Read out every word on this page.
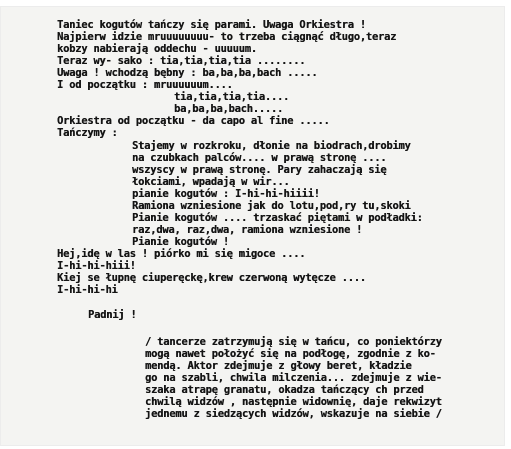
Taniec kogutów tańczy się parami. Uwaga Orkiestra !
Najpierw idzie mruuuuuuuu- to trzeba ciągnąć długo,teraz
kobzy nabierają oddechu - uuuuum.
Teraz wy- sako : tia,tia,tia,tia ........
Uwaga ! wchodzą bębny : ba,ba,ba,bach .....
I od początku : mruuuuuum....
tia,tia,tia,tia....
ba,ba,ba,bach.....
Orkiestra od początku - da capo al fine .....
Tańczymy :
Stajemy w rozkroku, dłonie na biodrach,drobimy
na czubkach palców.... w prawą stronę ....
wszyscy w prawą stronę. Pary zahaczają się
łokciami, wpadają w wir...
pianie kogutów : I-hi-hi-hiiii!
Ramiona wzniesione jak do lotu,pod,ry tu,skoki
Pianie kogutów .... trzaskać piętami w podładki:
raz,dwa, raz,dwa, ramiona wzniesione !
Pianie kogutów !
Hej,idę w las ! piórko mi się migoce ....
I-hi-hi-hiii!
Kiej se łupnę ciuperęckę,krew czerwoną wytęcze ....
I-hi-hi-hi
Padnij !
/ tancerze zatrzymują się w tańcu, co poniektórzy
mogą nawet położyć się na podłogę, zgodnie z ko-
mendą. Aktor zdejmuje z głowy beret, kładzie
go na szabli, chwila milczenia... zdejmuje z wie-
szaka atrapę granatu, okadza tańczący ch przed
chwilą widzów , następnie widownię, daje rekwizyt
jednemu z siedzących widzów, wskazuje na siebie /
